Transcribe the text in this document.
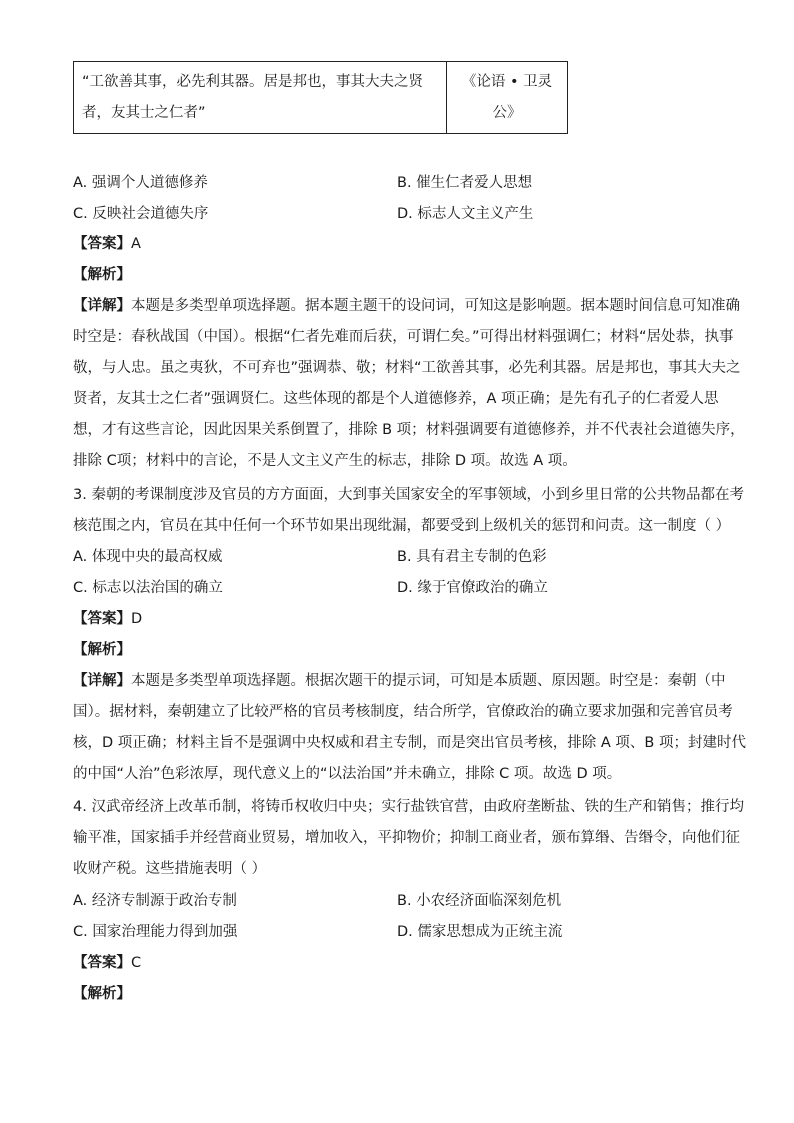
“工欲善其事，必先利其器。居是邦也，事其大夫之贤
者，友其士之仁者”
	《论语 • 卫灵公》
A. 强调个人道德修养	B. 催生仁者爱人思想
C. 反映社会道德失序	D. 标志人文主义产生
【答案】A
【解析】
【详解】本题是多类型单项选择题。据本题主题干的设问词，可知这是影响题。据本题时间信息可知准确
时空是：春秋战国（中国）。根据“仁者先难而后获，可谓仁矣。”可得出材料强调仁；材料“居处恭，执事
敬，与人忠。虽之夷狄，不可弃也”强调恭、敬；材料“工欲善其事，必先利其器。居是邦也，事其大夫之
贤者，友其士之仁者”强调贤仁。这些体现的都是个人道德修养，A 项正确；是先有孔子的仁者爱人思
想，才有这些言论，因此因果关系倒置了，排除 B 项；材料强调要有道德修养，并不代表社会道德失序，
排除 C项；材料中的言论，不是人文主义产生的标志，排除 D 项。故选 A 项。
3. 秦朝的考课制度涉及官员的方方面面，大到事关国家安全的军事领域，小到乡里日常的公共物品都在考
核范围之内，官员在其中任何一个环节如果出现纰漏，都要受到上级机关的惩罚和问责。这一制度（ ）
A. 体现中央的最高权威	B. 具有君主专制的色彩
C. 标志以法治国的确立	D. 缘于官僚政治的确立
【答案】D
【解析】
【详解】本题是多类型单项选择题。根据次题干的提示词，可知是本质题、原因题。时空是：秦朝（中
国）。据材料，秦朝建立了比较严格的官员考核制度，结合所学，官僚政治的确立要求加强和完善官员考
核，D 项正确；材料主旨不是强调中央权威和君主专制，而是突出官员考核，排除 A 项、B 项；封建时代
的中国“人治”色彩浓厚，现代意义上的“以法治国”并未确立，排除 C 项。故选 D 项。
4. 汉武帝经济上改革币制，将铸币权收归中央；实行盐铁官营，由政府垄断盐、铁的生产和销售；推行均
输平准，国家插手并经营商业贸易，增加收入，平抑物价；抑制工商业者，颁布算缗、告缗令，向他们征
收财产税。这些措施表明（ ）
A. 经济专制源于政治专制	B. 小农经济面临深刻危机
C. 国家治理能力得到加强	D. 儒家思想成为正统主流
【答案】C
【解析】
